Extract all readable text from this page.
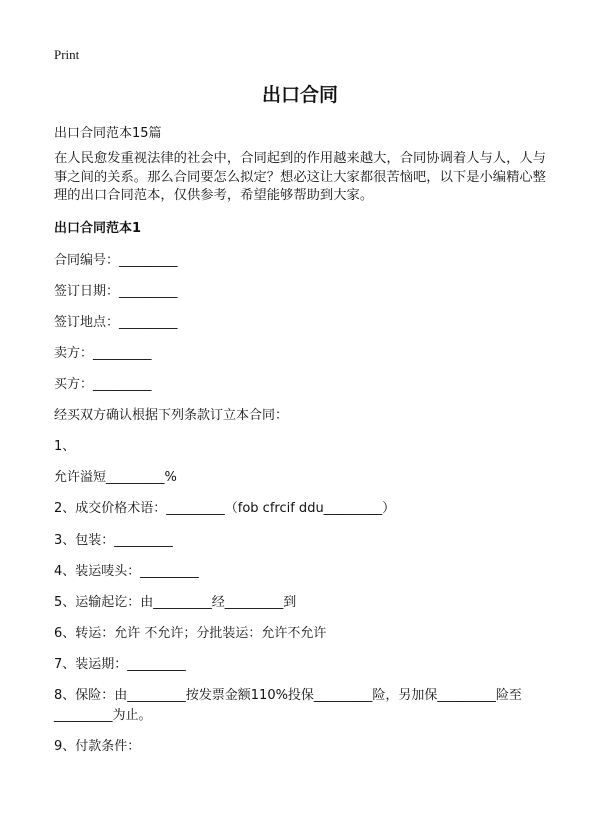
Print
出口合同
出口合同范本15篇
在人民愈发重视法律的社会中，合同起到的作用越来越大，合同协调着人与人，人与事之间的关系。那么合同要怎么拟定？想必这让大家都很苦恼吧，以下是小编精心整理的出口合同范本，仅供参考，希望能够帮助到大家。
出口合同范本1
合同编号：_________
签订日期：_________
签订地点：_________
卖方：_________
买方：_________
经买双方确认根据下列条款订立本合同：
1、
允许溢短_________%
2、成交价格术语：_________（fob cfrcif ddu_________）
3、包装：_________
4、装运唛头：_________
5、运输起讫：由_________经_________到
6、转运：允许 不允许；分批装运：允许不允许
7、装运期：_________
8、保险：由_________按发票金额110%投保_________险，另加保_________险至
_________为止。
9、付款条件：
